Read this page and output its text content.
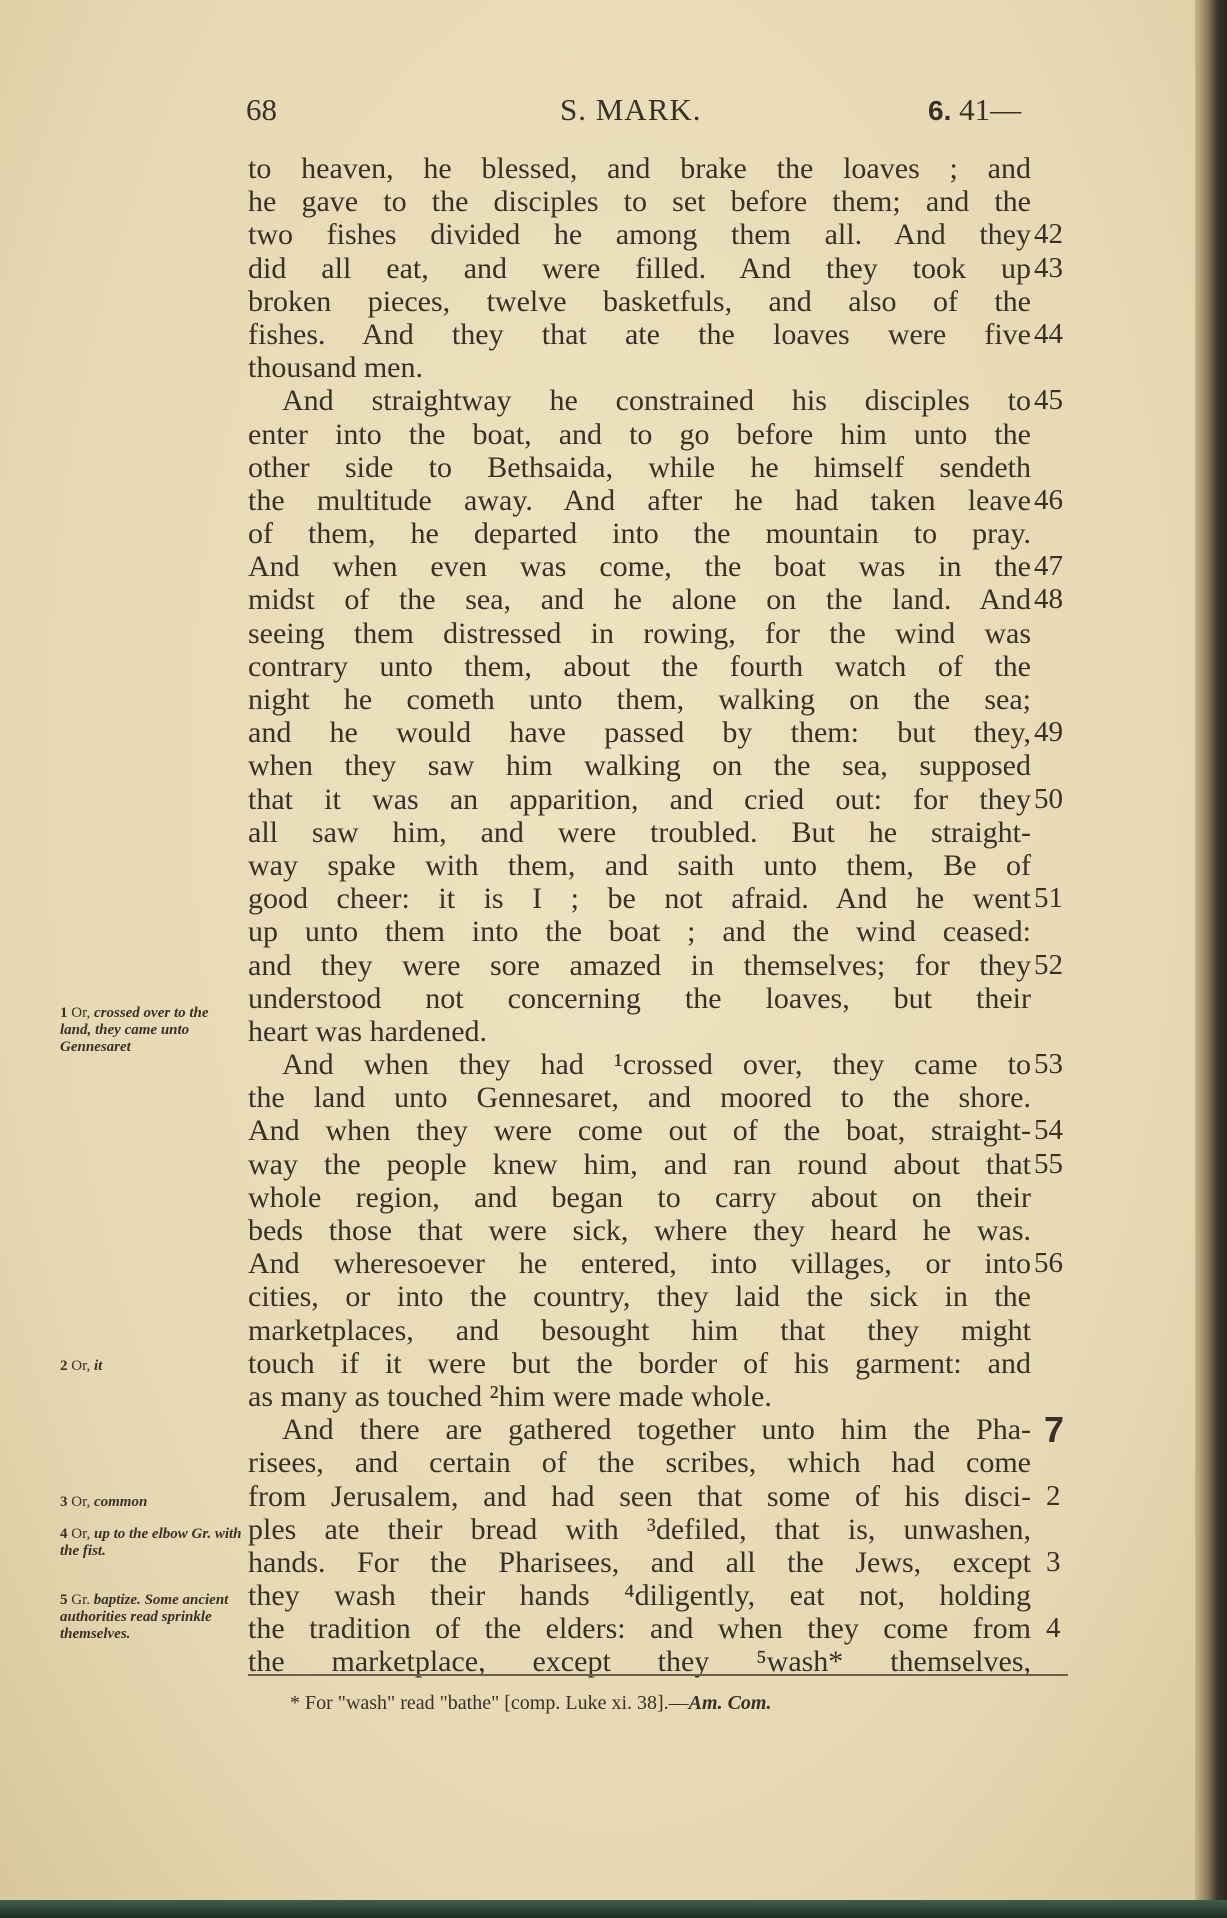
68	S. MARK.	6. 41—
to heaven, he blessed, and brake the loaves ; and
he gave to the disciples to set before them; and the
two fishes divided he among them all. And they 42
did all eat, and were filled. And they took up 43
broken pieces, twelve basketfuls, and also of the
fishes. And they that ate the loaves were five 44
thousand men.
And straightway he constrained his disciples to 45
enter into the boat, and to go before him unto the
other side to Bethsaida, while he himself sendeth
the multitude away. And after he had taken leave 46
of them, he departed into the mountain to pray.
And when even was come, the boat was in the 47
midst of the sea, and he alone on the land. And 48
seeing them distressed in rowing, for the wind was
contrary unto them, about the fourth watch of the
night he cometh unto them, walking on the sea;
and he would have passed by them: but they, 49
when they saw him walking on the sea, supposed
that it was an apparition, and cried out: for they 50
all saw him, and were troubled. But he straight-
way spake with them, and saith unto them, Be of
good cheer: it is I ; be not afraid. And he went 51
up unto them into the boat ; and the wind ceased:
and they were sore amazed in themselves; for they 52
understood not concerning the loaves, but their
heart was hardened.
And when they had ¹crossed over, they came to 53
the land unto Gennesaret, and moored to the shore.
And when they were come out of the boat, straight- 54
way the people knew him, and ran round about that 55
whole region, and began to carry about on their
beds those that were sick, where they heard he was.
And wheresoever he entered, into villages, or into 56
cities, or into the country, they laid the sick in the
marketplaces, and besought him that they might
touch if it were but the border of his garment: and
as many as touched ²him were made whole.
And there are gathered together unto him the Pha- 7
risees, and certain of the scribes, which had come
from Jerusalem, and had seen that some of his disci- 2
ples ate their bread with ³defiled, that is, unwashen,
hands. For the Pharisees, and all the Jews, except 3
they wash their hands ⁴diligently, eat not, holding
the tradition of the elders: and when they come from 4
the marketplace, except they ⁵wash* themselves,
1 Or, crossed over to the land, they came unto Gennesaret
2 Or, it
3 Or, common
4 Or, up to the elbow Gr. with the fist.
5 Gr. baptize. Some ancient authorities read sprinkle themselves.
* For "wash" read "bathe" [comp. Luke xi. 38].—Am. Com.
